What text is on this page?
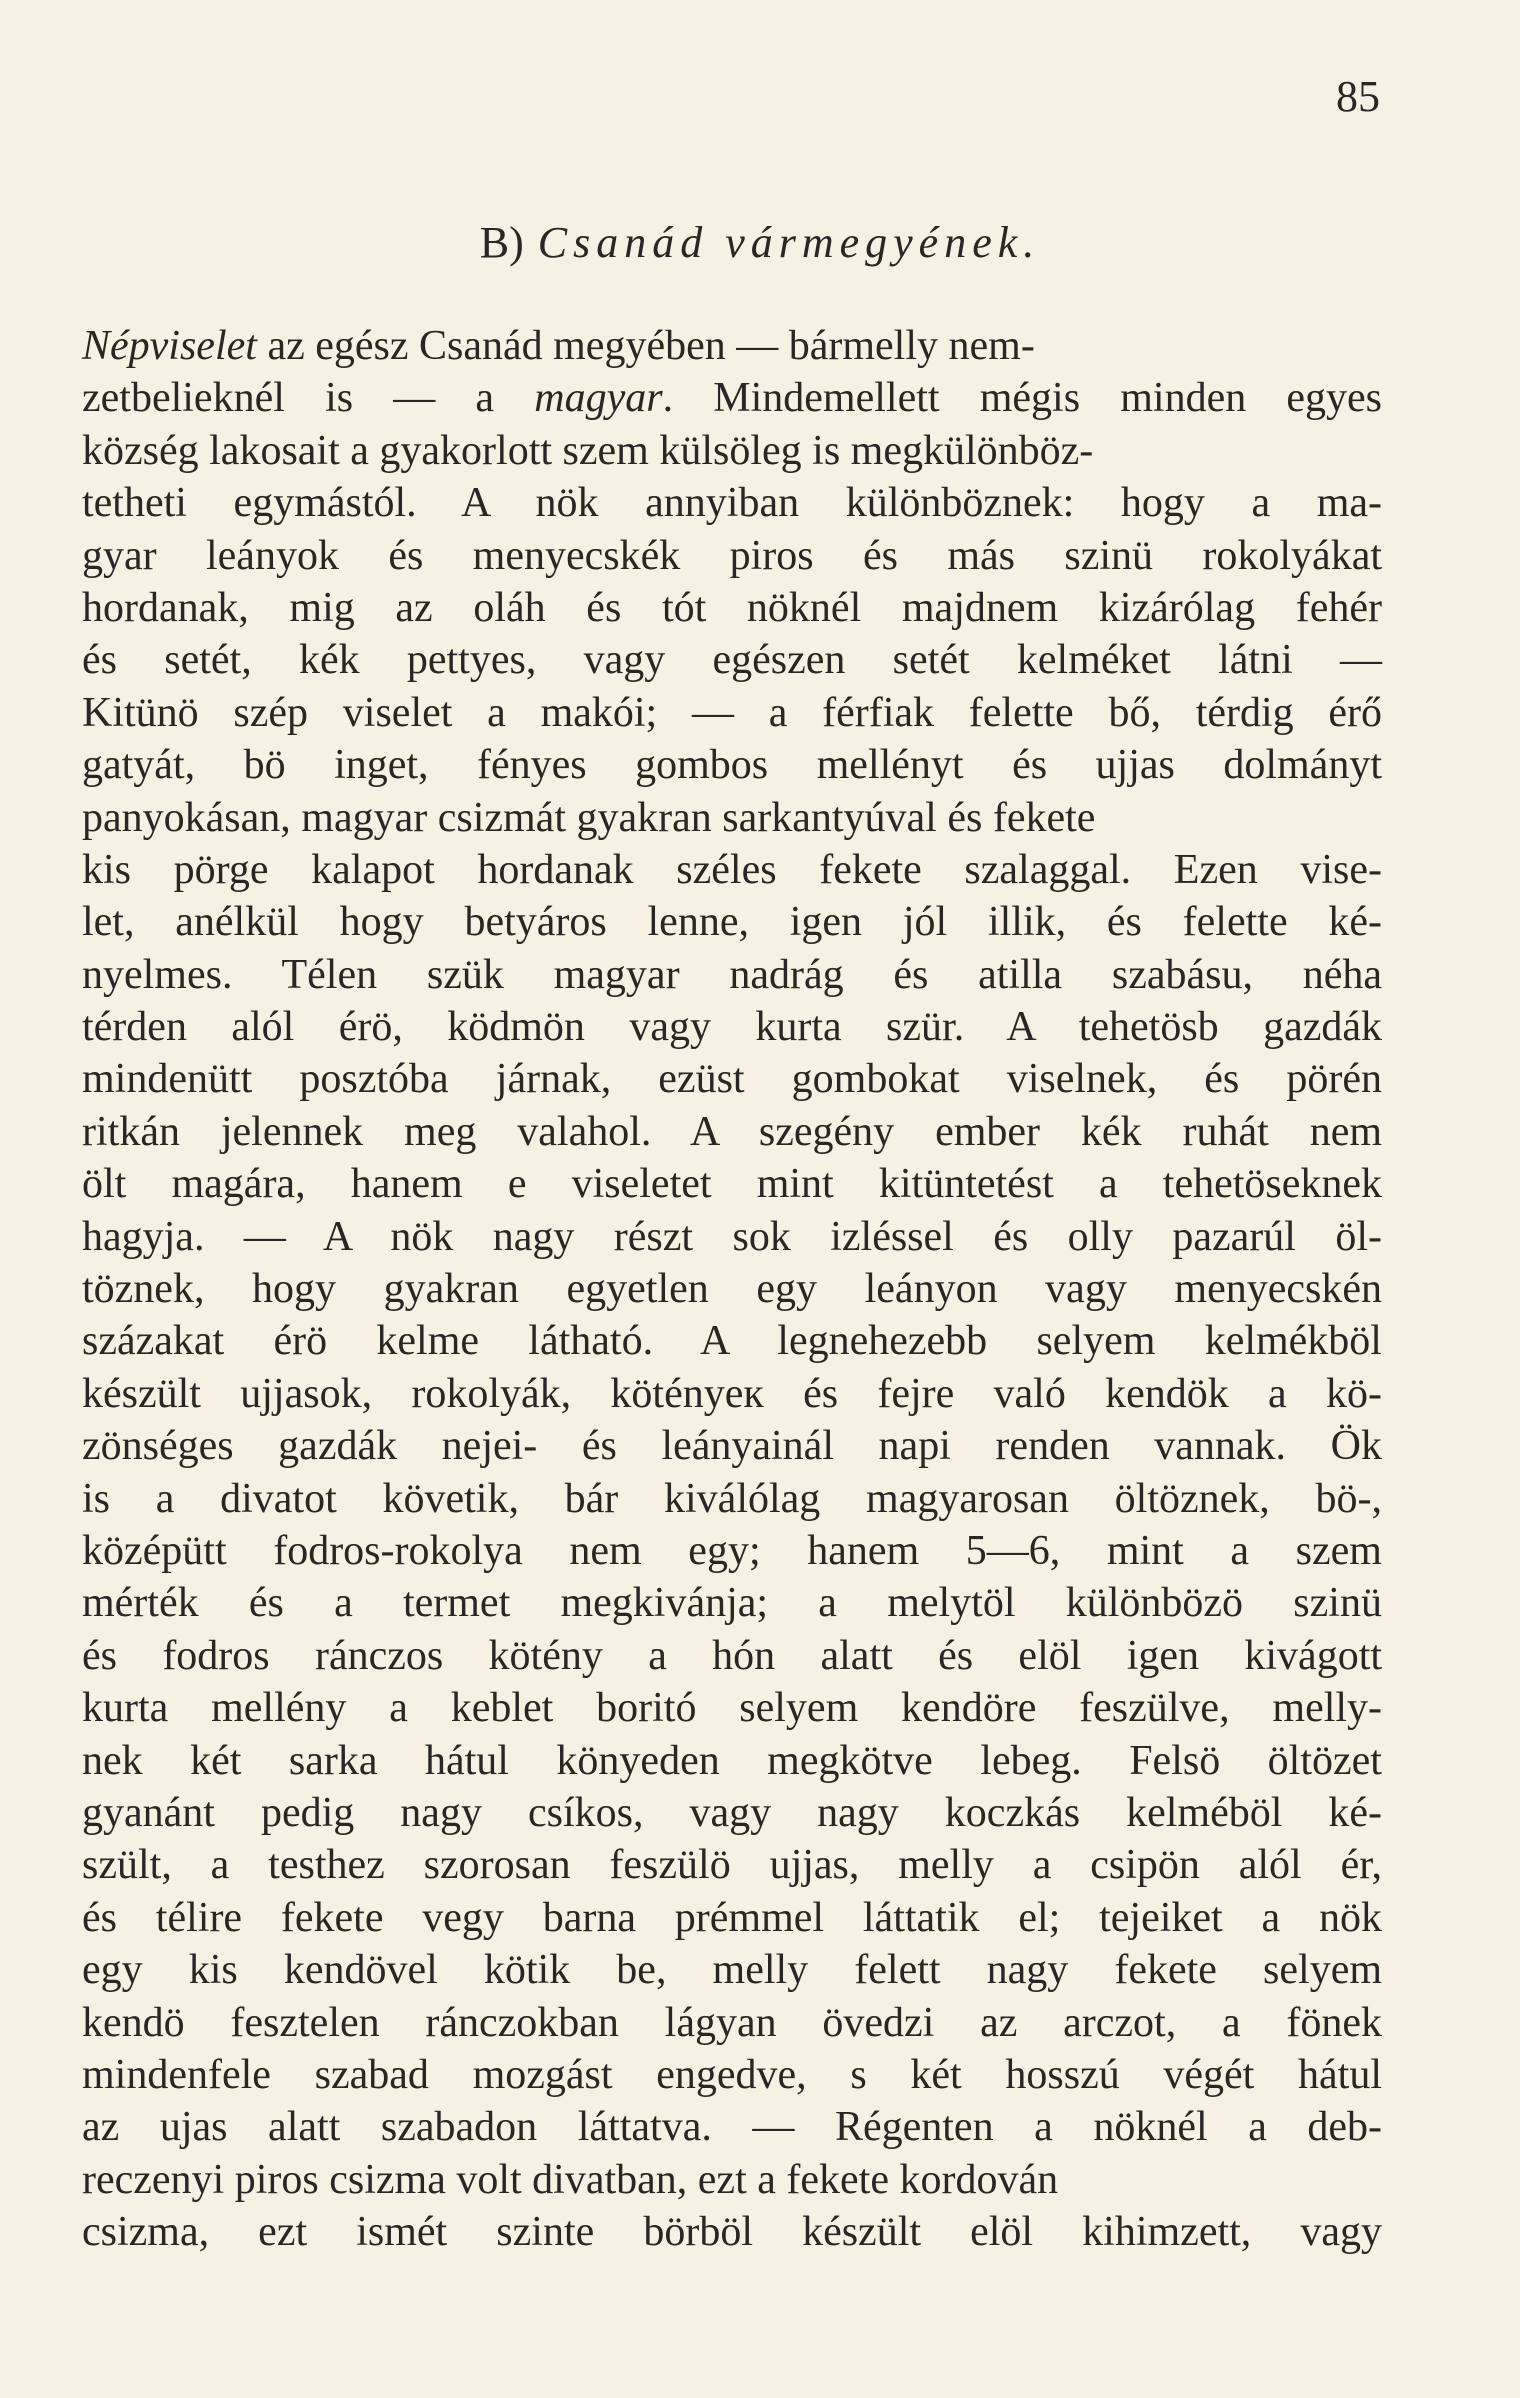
85
B) Csanád vármegyének.
Népviselet az egész Csanád megyében — bármelly nem-
zetbelieknél is — a magyar. Mindemellett mégis minden egyes
község lakosait a gyakorlott szem külsöleg is megkülönböz-
tetheti egymástól. A nök annyiban különböznek: hogy a ma-
gyar leányok és menyecskék piros és más szinü rokolyákat
hordanak, mig az oláh és tót nöknél majdnem kizárólag fehér
és setét, kék pettyes, vagy egészen setét kelméket látni —
Kitünö szép viselet a makói; — a férfiak felette bő, térdig érő
gatyát, bö inget, fényes gombos mellényt és ujjas dolmányt
panyokásan, magyar csizmát gyakran sarkantyúval és fekete
kis pörge kalapot hordanak széles fekete szalaggal. Ezen vise-
let, anélkül hogy betyáros lenne, igen jól illik, és felette ké-
nyelmes. Télen szük magyar nadrág és atilla szabásu, néha
térden alól érö, ködmön vagy kurta szür. A tehetösb gazdák
mindenütt posztóba járnak, ezüst gombokat viselnek, és pörén
ritkán jelennek meg valahol. A szegény ember kék ruhát nem
ölt magára, hanem e viseletet mint kitüntetést a tehetöseknek
hagyja. — A nök nagy részt sok izléssel és olly pazarúl öl-
töznek, hogy gyakran egyetlen egy leányon vagy menyecskén
százakat érö kelme látható. A legnehezebb selyem kelmékböl
készült ujjasok, rokolyák, kötényeк és fejre való kendök a kö-
zönséges gazdák nejei- és leányainál napi renden vannak. Ök
is a divatot követik, bár kiválólag magyarosan öltöznek, bö-,
középütt fodros-rokolya nem egy; hanem 5—6, mint a szem
mérték és a termet megkivánja; a melytöl különbözö szinü
és fodros ránczos kötény a hón alatt és elöl igen kivágott
kurta mellény a keblet boritó selyem kendöre feszülve, melly-
nek két sarka hátul könyeden megkötve lebeg. Felsö öltözet
gyanánt pedig nagy csíkos, vagy nagy koczkás kelméböl ké-
szült, a testhez szorosan feszülö ujjas, melly a csipön alól ér,
és télire fekete vegy barna prémmel láttatik el; tejeiket a nök
egy kis kendövel kötik be, melly felett nagy fekete selyem
kendö fesztelen ránczokban lágyan övedzi az arczot, a fönek
mindenfele szabad mozgást engedve, s két hosszú végét hátul
az ujas alatt szabadon láttatva. — Régenten a nöknél a deb-
reczenyi piros csizma volt divatban, ezt a fekete kordován
csizma, ezt ismét szinte börböl készült elöl kihimzett, vagy
